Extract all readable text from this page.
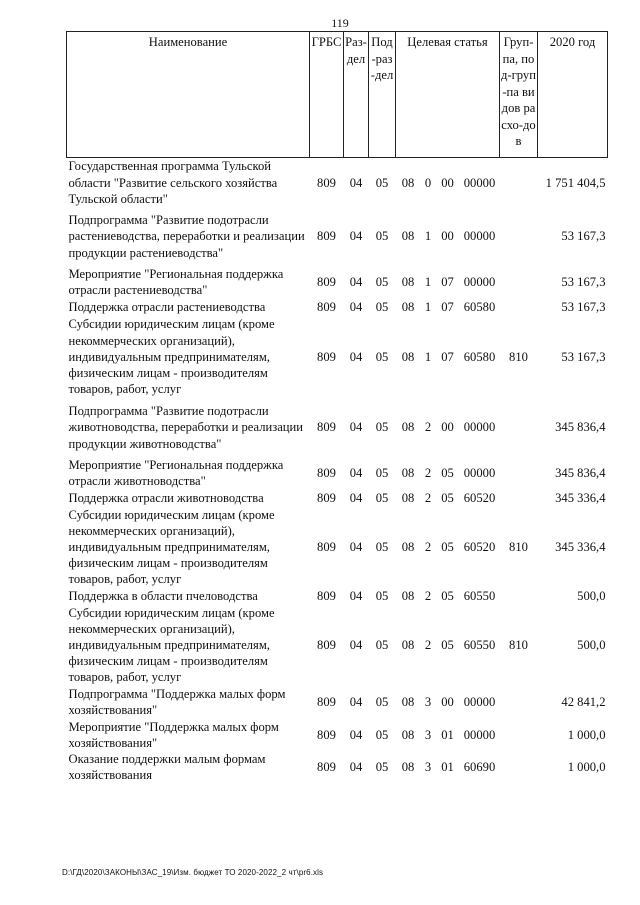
119
Наименование	ГРБС	Раз-дел	Под-раз-дел	Целевая статья				Груп-па, под-груп-па видов расхо-дов	2020 год
Государственная программа Тульской области "Развитие сельского хозяйства Тульской области"	809	04	05	08	0	00	00000		1 751 404,5
Подпрограмма "Развитие подотрасли растениеводства, переработки и реализации продукции растениеводства"	809	04	05	08	1	00	00000		53 167,3
Мероприятие "Региональная поддержка отрасли растениеводства"	809	04	05	08	1	07	00000		53 167,3
Поддержка отрасли растениеводства	809	04	05	08	1	07	60580		53 167,3
Субсидии юридическим лицам (кроме некоммерческих организаций), индивидуальным предпринимателям, физическим лицам - производителям товаров, работ, услуг	809	04	05	08	1	07	60580	810	53 167,3
Подпрограмма "Развитие подотрасли животноводства, переработки и реализации продукции животноводства"	809	04	05	08	2	00	00000		345 836,4
Мероприятие "Региональная поддержка отрасли животноводства"	809	04	05	08	2	05	00000		345 836,4
Поддержка отрасли животноводства	809	04	05	08	2	05	60520		345 336,4
Субсидии юридическим лицам (кроме некоммерческих организаций), индивидуальным предпринимателям, физическим лицам - производителям товаров, работ, услуг	809	04	05	08	2	05	60520	810	345 336,4
Поддержка в области пчеловодства	809	04	05	08	2	05	60550		500,0
Субсидии юридическим лицам (кроме некоммерческих организаций), индивидуальным предпринимателям, физическим лицам - производителям товаров, работ, услуг	809	04	05	08	2	05	60550	810	500,0
Подпрограмма "Поддержка малых форм хозяйствования"	809	04	05	08	3	00	00000		42 841,2
Мероприятие "Поддержка малых форм хозяйствования"	809	04	05	08	3	01	00000		1 000,0
Оказание поддержки малым формам хозяйствования	809	04	05	08	3	01	60690		1 000,0
D:\ГД\2020\ЗАКОНЫ\ЗАС_19\Изм. бюджет ТО 2020-2022_2 чт\pr6.xls
